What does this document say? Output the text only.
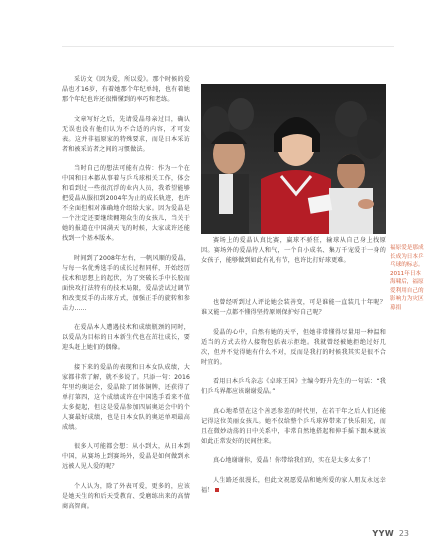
采访文《因为爱，所以爱》。那个时候的爱晶也才16岁，有着她那个年纪单纯，也有着她那个年纪也许还很懵懂到的率巧和老练。

文章写好之后，先请爱晶母亲过目，确认无误也没有他们认为不合适的内容，才可发表。这并非福原家的特殊要求，而是日本采访者和被采访者之间的习惯做法。

当时自己的想法可能有点传：作为一个在中国和日本都从事着与乒乓球相关工作，体会和看到过一些很沉浮的业内人员，我希望能够把爱晶从服扣到2004年为止的成长轨迹，也许不全面但相对准确地介绍给大家。因为爱晶是一个注定还要继续翱翔众生的女孩儿，当关于她的报道在中国满天飞的时候，大家或许还能找到一个基本版本。

时间到了2008年左右，一帆风顺的爱晶，与每一名优秀选手的成长过程同样，开始经历技术和思想上的起伏，为了突破长手中长胶而面快攻打法特有的技术局限，爱晶尝试过调节和改变反手的击球方式，加强正手的旋转和参击力……

在爱晶本人遭遇技术和成绩瓶颈的同时，以爱晶为目标的日本新生代也在茁壮成长，要迎头赶上她们的偶像。

接下来的爱晶的表现和日本女队成绩，大家都非常了解，就不多说了。只添一句：2016年里约奥运会，爱晶除了团体铜牌，还获得了单打第四，这个成绩或许在中国选手看来不值太多提起，但这是爱晶参加四届奥运会中的个人赛最好成绩，也是日本女队的奥运单项最高成绩。

很多人可能都会想：从小到大，从日本到中国，从赛场上到赛场外，爱晶是如何做到永远被人见人爱的呢？

个人认为，除了外表可爱，更多的，应该是她天生的和后天受教育、受磨练出来的高情商高智商。

赛场上的爱晶认真比赛，赢球不骄狂，输球从自己身上找原因。赛场外的爱晶待人和气，一个自小成名、集万千宠爱于一身的女孩子，能够做到如此有礼有节，也许比打好球更难。

也曾经听到过人评论她会装善变，可是谁能一直装几十年呢？谁又能一点都不懂得坚持原则保护好自己呢？

爱晶的心中，自然有她的天平，但她非常懂得尽量用一种温和适当的方式去待人接物包括表示拒绝。我就曾经被她拒绝过好几次，但并不觉得她有什么不对，反而是我打的时候我其实是很不合时宜的。

看用日本乒乓杂志《卓球王国》主编今野升先生的一句话：“我们乒乓界都应该谢谢爱晶。”

真心地希望在这个善恶参差的时代里，在若干年之后人们还能记得这位美丽女孩儿。她不仅给整个乒乓球界带来了快乐阳光，而且在微妙动荡的日中关系中，非常自然地搭起和伸手摇下跟本就该如此正常发好的民间往来。

真心地谢谢你，爱晶！你带给我们的，实在是太多太多了！

人生路还很漫长，但此文祝愿爱晶和她所爱的家人朋友永远幸福！

福原爱是那成长成为日本乒乓球的标志。2011年日本海啸后，福原爱利用自己的影响力为灾区募捐
YYW 23
